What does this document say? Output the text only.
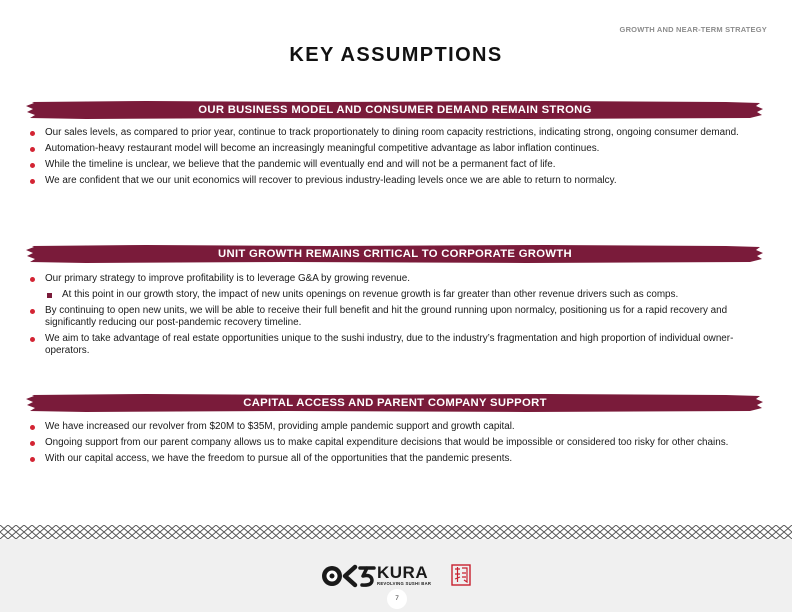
GROWTH AND NEAR-TERM STRATEGY
KEY ASSUMPTIONS
OUR BUSINESS MODEL AND CONSUMER DEMAND REMAIN STRONG
Our sales levels, as compared to prior year, continue to track proportionately to dining room capacity restrictions, indicating strong, ongoing consumer demand.
Automation-heavy restaurant model will become an increasingly meaningful competitive advantage as labor inflation continues.
While the timeline is unclear, we believe that the pandemic will eventually end and will not be a permanent fact of life.
We are confident that we our unit economics will recover to previous industry-leading levels once we are able to return to normalcy.
UNIT GROWTH REMAINS CRITICAL TO CORPORATE GROWTH
Our primary strategy to improve profitability is to leverage G&A by growing revenue.
At this point in our growth story, the impact of new units openings on revenue growth is far greater than other revenue drivers such as comps.
By continuing to open new units, we will be able to receive their full benefit and hit the ground running upon normalcy, positioning us for a rapid recovery and significantly reducing our post-pandemic recovery timeline.
We aim to take advantage of real estate opportunities unique to the sushi industry, due to the industry’s fragmentation and high proportion of individual owner-operators.
CAPITAL ACCESS AND PARENT COMPANY SUPPORT
We have increased our revolver from $20M to $35M, providing ample pandemic support and growth capital.
Ongoing support from our parent company allows us to make capital expenditure decisions that would be impossible or considered too risky for other chains.
With our capital access, we have the freedom to pursue all of the opportunities that the pandemic presents.
KURA
REVOLVING SUSHI BAR
7
